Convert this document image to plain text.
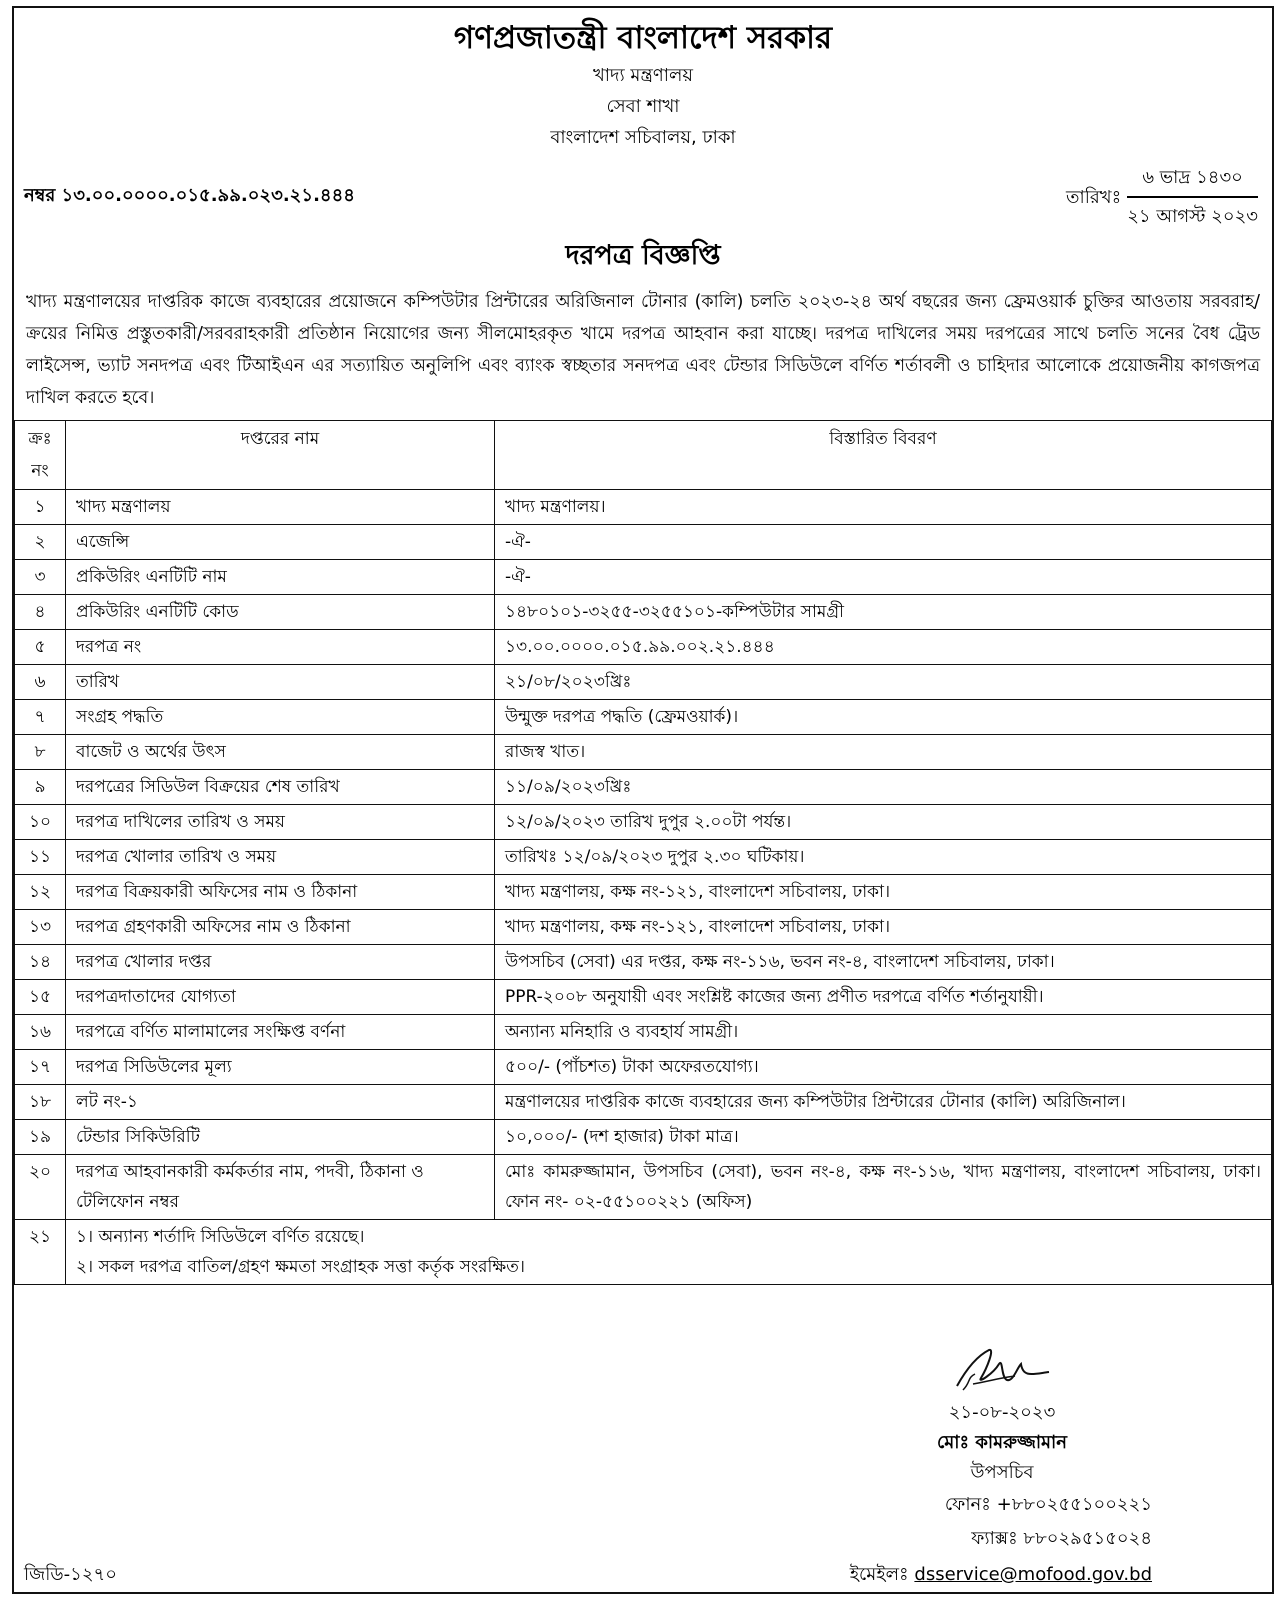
গণপ্রজাতন্ত্রী বাংলাদেশ সরকার
খাদ্য মন্ত্রণালয়
সেবা শাখা
বাংলাদেশ সচিবালয়, ঢাকা
নম্বর ১৩.০০.০০০০.০১৫.৯৯.০২৩.২১.৪৪৪	তারিখঃ
৬ ভাদ্র ১৪৩০
২১ আগস্ট ২০২৩
দরপত্র বিজ্ঞপ্তি
খাদ্য মন্ত্রণালয়ের দাপ্তরিক কাজে ব্যবহারের প্রয়োজনে কম্পিউটার প্রিন্টারের অরিজিনাল টোনার (কালি) চলতি ২০২৩-২৪ অর্থ বছরের জন্য ফ্রেমওয়ার্ক চুক্তির আওতায় সরবরাহ/ক্রয়ের নিমিত্ত প্রস্তুতকারী/সরবরাহকারী প্রতিষ্ঠান নিয়োগের জন্য সীলমোহরকৃত খামে দরপত্র আহবান করা যাচ্ছে। দরপত্র দাখিলের সময় দরপত্রের সাথে চলতি সনের বৈধ ট্রেড লাইসেন্স, ভ্যাট সনদপত্র এবং টিআইএন এর সত্যায়িত অনুলিপি এবং ব্যাংক স্বচ্ছতার সনদপত্র এবং টেন্ডার সিডিউলে বর্ণিত শর্তাবলী ও চাহিদার আলোকে প্রয়োজনীয় কাগজপত্র দাখিল করতে হবে।
ক্রঃ নং	দপ্তরের নাম	বিস্তারিত বিবরণ
১	খাদ্য মন্ত্রণালয়	খাদ্য মন্ত্রণালয়।
২	এজেন্সি	-ঐ-
৩	প্রকিউরিং এনটিটি নাম	-ঐ-
৪	প্রকিউরিং এনটিটি কোড	১৪৮০১০১-৩২৫৫-৩২৫৫১০১-কম্পিউটার সামগ্রী
৫	দরপত্র নং	১৩.০০.০০০০.০১৫.৯৯.০০২.২১.৪৪৪
৬	তারিখ	২১/০৮/২০২৩খ্রিঃ
৭	সংগ্রহ পদ্ধতি	উন্মুক্ত দরপত্র পদ্ধতি (ফ্রেমওয়ার্ক)।
৮	বাজেট ও অর্থের উৎস	রাজস্ব খাত।
৯	দরপত্রের সিডিউল বিক্রয়ের শেষ তারিখ	১১/০৯/২০২৩খ্রিঃ
১০	দরপত্র দাখিলের তারিখ ও সময়	১২/০৯/২০২৩ তারিখ দুপুর ২.০০টা পর্যন্ত।
১১	দরপত্র খোলার তারিখ ও সময়	তারিখঃ ১২/০৯/২০২৩ দুপুর ২.৩০ ঘটিকায়।
১২	দরপত্র বিক্রয়কারী অফিসের নাম ও ঠিকানা	খাদ্য মন্ত্রণালয়, কক্ষ নং-১২১, বাংলাদেশ সচিবালয়, ঢাকা।
১৩	দরপত্র গ্রহণকারী অফিসের নাম ও ঠিকানা	খাদ্য মন্ত্রণালয়, কক্ষ নং-১২১, বাংলাদেশ সচিবালয়, ঢাকা।
১৪	দরপত্র খোলার দপ্তর	উপসচিব (সেবা) এর দপ্তর, কক্ষ নং-১১৬, ভবন নং-৪, বাংলাদেশ সচিবালয়, ঢাকা।
১৫	দরপত্রদাতাদের যোগ্যতা	PPR-২০০৮ অনুযায়ী এবং সংশ্লিষ্ট কাজের জন্য প্রণীত দরপত্রে বর্ণিত শর্তানুযায়ী।
১৬	দরপত্রে বর্ণিত মালামালের সংক্ষিপ্ত বর্ণনা	অন্যান্য মনিহারি ও ব্যবহার্য সামগ্রী।
১৭	দরপত্র সিডিউলের মূল্য	৫০০/- (পাঁচশত) টাকা অফেরতযোগ্য।
১৮	লট নং-১	মন্ত্রণালয়ের দাপ্তরিক কাজে ব্যবহারের জন্য কম্পিউটার প্রিন্টারের টোনার (কালি) অরিজিনাল।
১৯	টেন্ডার সিকিউরিটি	১০,০০০/- (দশ হাজার) টাকা মাত্র।
২০	দরপত্র আহবানকারী কর্মকর্তার নাম, পদবী, ঠিকানা ও টেলিফোন নম্বর	মোঃ কামরুজ্জামান, উপসচিব (সেবা), ভবন নং-৪, কক্ষ নং-১১৬, খাদ্য মন্ত্রণালয়, বাংলাদেশ সচিবালয়, ঢাকা। ফোন নং- ০২-৫৫১০০২২১ (অফিস)
২১	১। অন্যান্য শর্তাদি সিডিউলে বর্ণিত রয়েছে।
২। সকল দরপত্র বাতিল/গ্রহণ ক্ষমতা সংগ্রাহক সত্তা কর্তৃক সংরক্ষিত।	
২১-০৮-২০২৩
মোঃ কামরুজ্জামান
উপসচিব
ফোনঃ +৮৮০২৫৫১০০২২১
ফ্যাক্সঃ ৮৮০২৯৫১৫০২৪
ইমেইলঃ dsservice@mofood.gov.bd
জিডি-১২৭০
